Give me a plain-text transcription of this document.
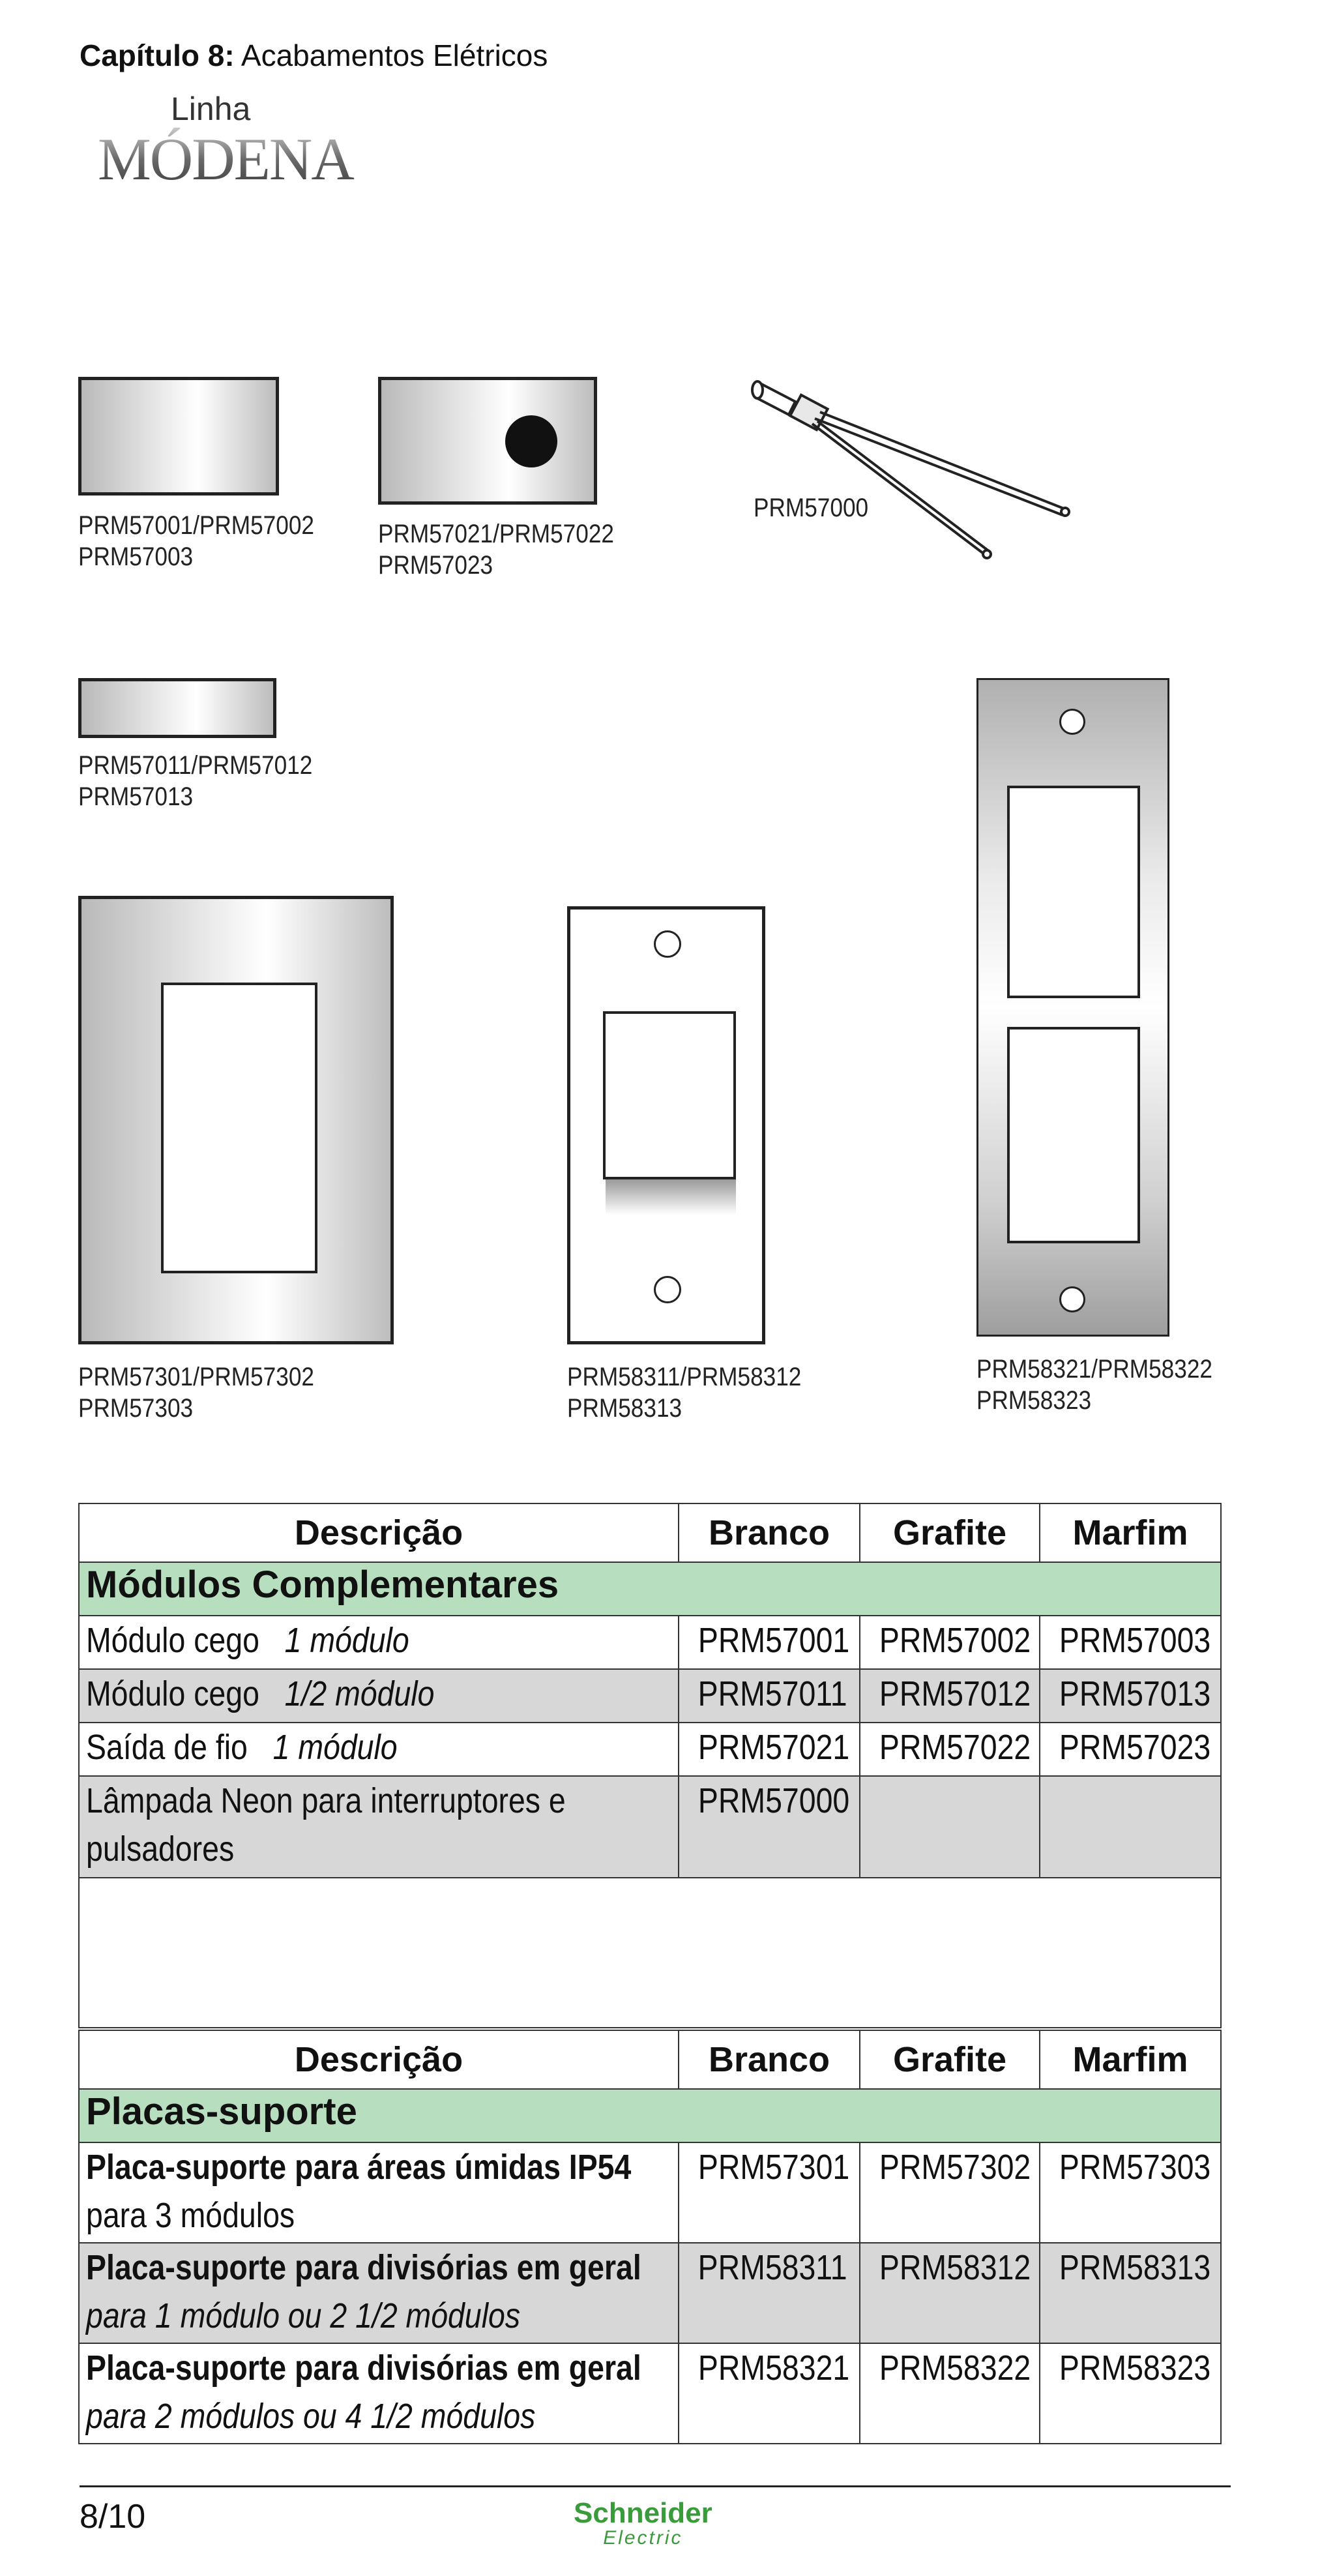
Capítulo 8: Acabamentos Elétricos
Linha
MÓDENA
PRM57001/PRM57002
PRM57003
PRM57021/PRM57022
PRM57023
PRM57000
PRM57011/PRM57012
PRM57013
PRM57301/PRM57302
PRM57303
PRM58311/PRM58312
PRM58313
PRM58321/PRM58322
PRM58323
Descrição	Branco	Grafite	Marfim
Módulos Complementares			

Módulo cego 1 módulo	PRM57001	PRM57002	PRM57003

Módulo cego 1/2 módulo	PRM57011	PRM57012	PRM57013

Saída de fio 1 módulo	PRM57021	PRM57022	PRM57023

Lâmpada Neon para interruptores e
pulsadores	PRM57000		

Descrição	Branco	Grafite	Marfim
Placas-suporte			

Placa-suporte para áreas úmidas IP54
para 3 módulos	PRM57301	PRM57302	PRM57303

Placa-suporte para divisórias em geral
para 1 módulo ou 2 1/2 módulos	PRM58311	PRM58312	PRM58313

Placa-suporte para divisórias em geral
para 2 módulos ou 4 1/2 módulos	PRM58321	PRM58322	PRM58323
8/10	Schneider
Electric
